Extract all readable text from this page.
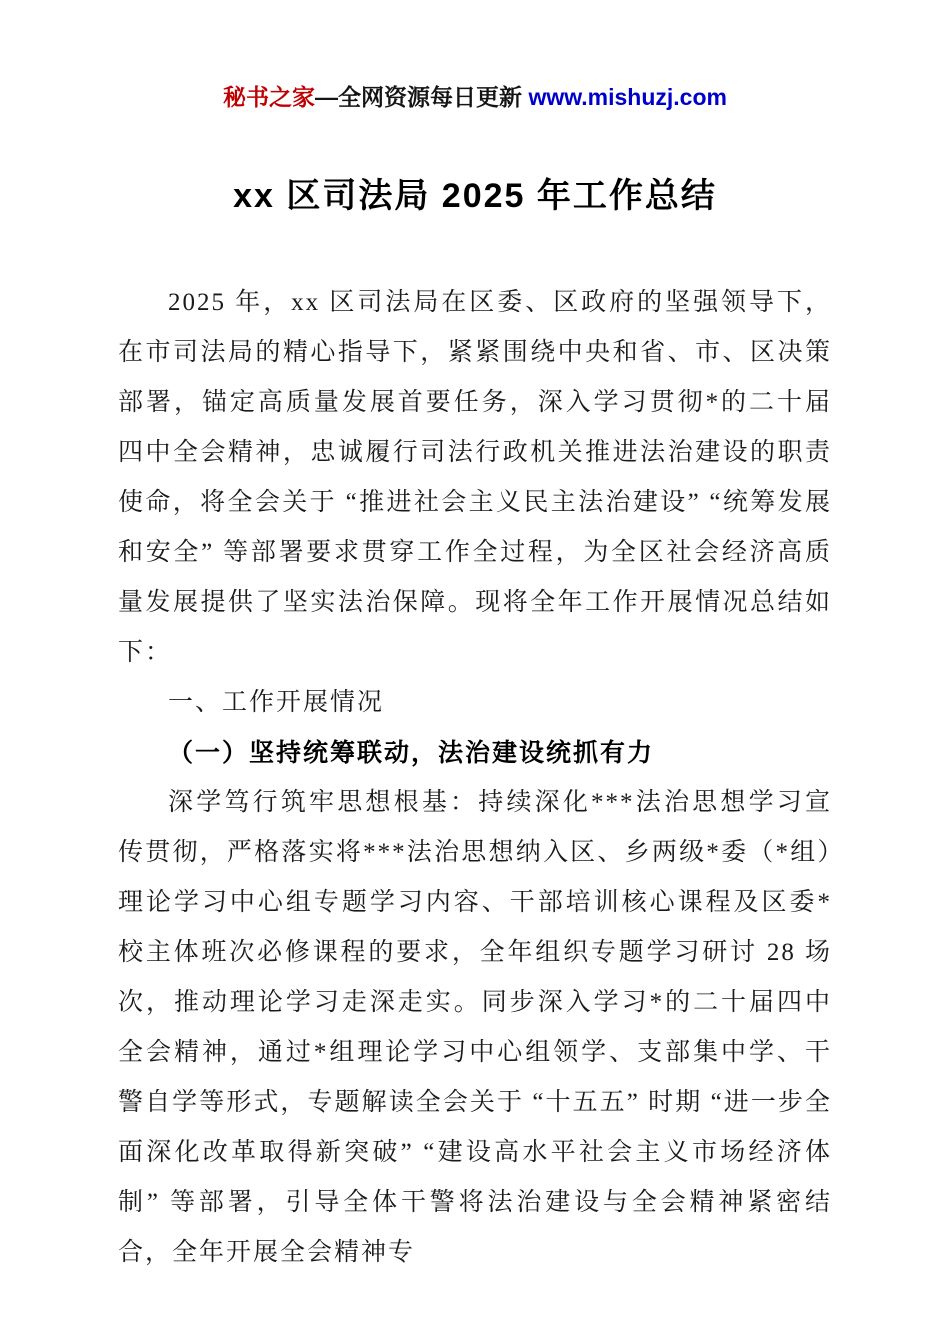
秘书之家—全网资源每日更新 www.mishuzj.com
xx 区司法局 2025 年工作总结

2025 年，xx 区司法局在区委、区政府的坚强领导下，在市司法局的精心指导下，紧紧围绕中央和省、市、区决策部署，锚定高质量发展首要任务，深入学习贯彻*的二十届四中全会精神，忠诚履行司法行政机关推进法治建设的职责使命，将全会关于 “推进社会主义民主法治建设” “统筹发展和安全” 等部署要求贯穿工作全过程，为全区社会经济高质量发展提供了坚实法治保障。现将全年工作开展情况总结如下：

一、工作开展情况

（一）坚持统筹联动，法治建设统抓有力

深学笃行筑牢思想根基：持续深化***法治思想学习宣传贯彻，严格落实将***法治思想纳入区、乡两级*委（*组）理论学习中心组专题学习内容、干部培训核心课程及区委*校主体班次必修课程的要求，全年组织专题学习研讨 28 场次，推动理论学习走深走实。同步深入学习*的二十届四中全会精神，通过*组理论学习中心组领学、支部集中学、干警自学等形式，专题解读全会关于 “十五五” 时期 “进一步全面深化改革取得新突破” “建设高水平社会主义市场经济体制” 等部署，引导全体干警将法治建设与全会精神紧密结合，全年开展全会精神专
